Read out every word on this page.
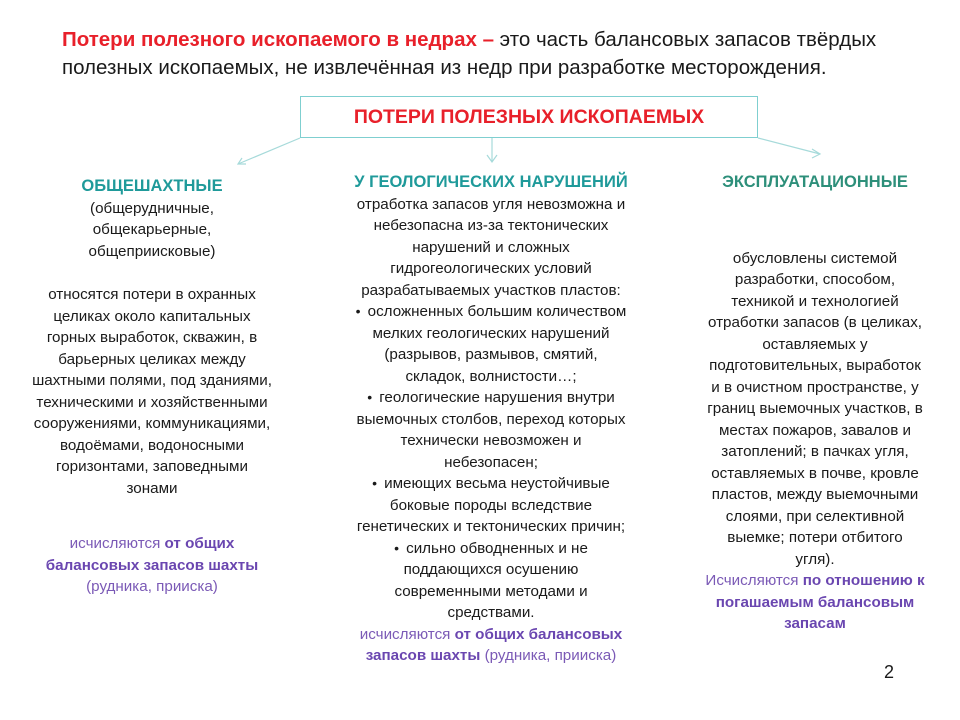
Потери полезного ископаемого в недрах – это часть балансовых запасов твёрдых полезных ископаемых, не извлечённая из недр при разработке месторождения.
ПОТЕРИ ПОЛЕЗНЫХ ИСКОПАЕМЫХ

ОБЩЕШАХТНЫЕ

(общерудничные,

общекарьерные,

общеприисковые)

относятся потери в охранных

целиках около капитальных

горных выработок, скважин, в

барьерных целиках между

шахтными полями, под зданиями,

техническими и хозяйственными

сооружениями, коммуникациями,

водоёмами, водоносными

горизонтами, заповедными

зонами

исчисляются от общих

балансовых запасов шахты

(рудника, прииска)

У ГЕОЛОГИЧЕСКИХ НАРУШЕНИЙ

отработка запасов угля невозможна и

небезопасна из-за тектонических

нарушений и сложных

гидрогеологических условий

разрабатываемых участков пластов:

• осложненных большим количеством

мелких геологических нарушений

(разрывов, размывов, смятий,

складок, волнистости…;

• геологические нарушения внутри

выемочных столбов, переход которых

технически невозможен и

небезопасен;

• имеющих весьма неустойчивые

боковые породы вследствие

генетических и тектонических причин;

• сильно обводненных и не

поддающихся осушению

современными методами и

средствами.

исчисляются от общих балансовых

запасов шахты (рудника, прииска)

ЭКСПЛУАТАЦИОННЫЕ

обусловлены системой

разработки, способом,

техникой и технологией

отработки запасов (в целиках,

оставляемых у

подготовительных, выработок

и в очистном пространстве, у

границ выемочных участков, в

местах пожаров, завалов и

затоплений; в пачках угля,

оставляемых в почве, кровле

пластов, между выемочными

слоями, при селективной

выемке; потери отбитого

угля).

Исчисляются по отношению к

погашаемым балансовым

запасам

2
